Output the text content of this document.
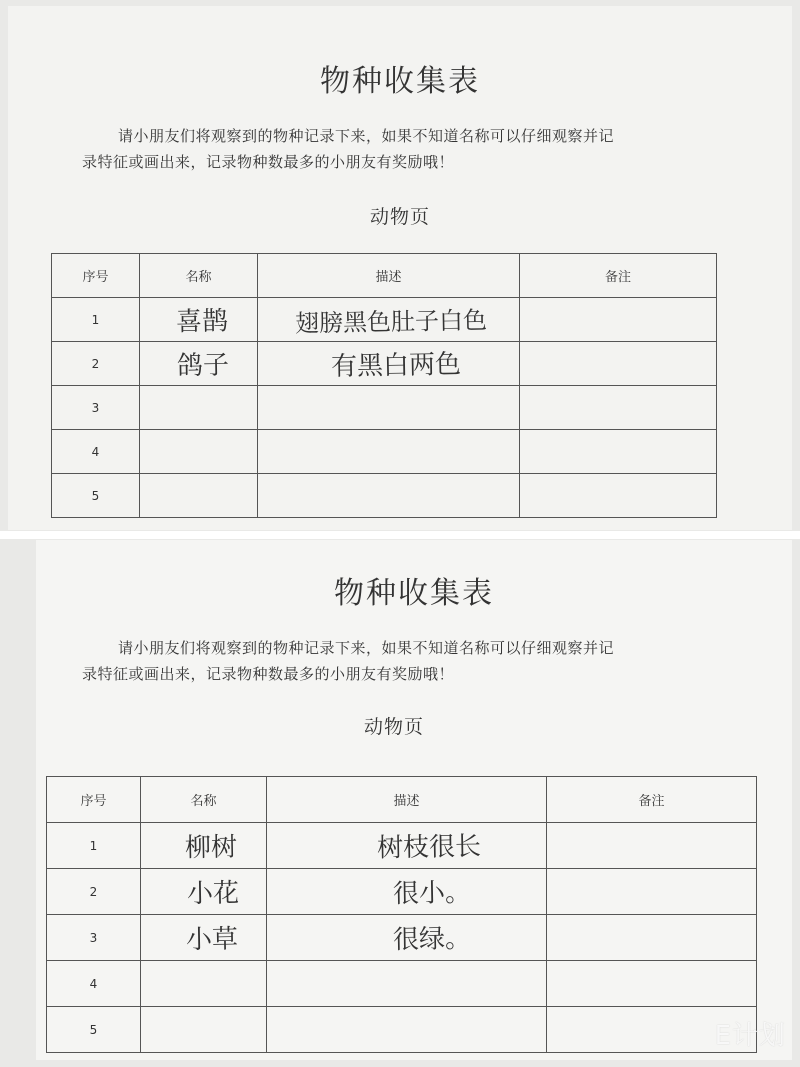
物种收集表
请小朋友们将观察到的物种记录下来，如果不知道名称可以仔细观察并记
录特征或画出来，记录物种数最多的小朋友有奖励哦！
动物页
序号	名称	描述	备注
1	喜鹊	翅膀黑色肚子白色	
2	鸽子	有黑白两色	
3			
4			
5			
物种收集表
请小朋友们将观察到的物种记录下来，如果不知道名称可以仔细观察并记
录特征或画出来，记录物种数最多的小朋友有奖励哦！
动物页
序号	名称	描述	备注
1	柳树	树枝很长	
2	小花	很小。	
3	小草	很绿。	
4			
5				E计划
